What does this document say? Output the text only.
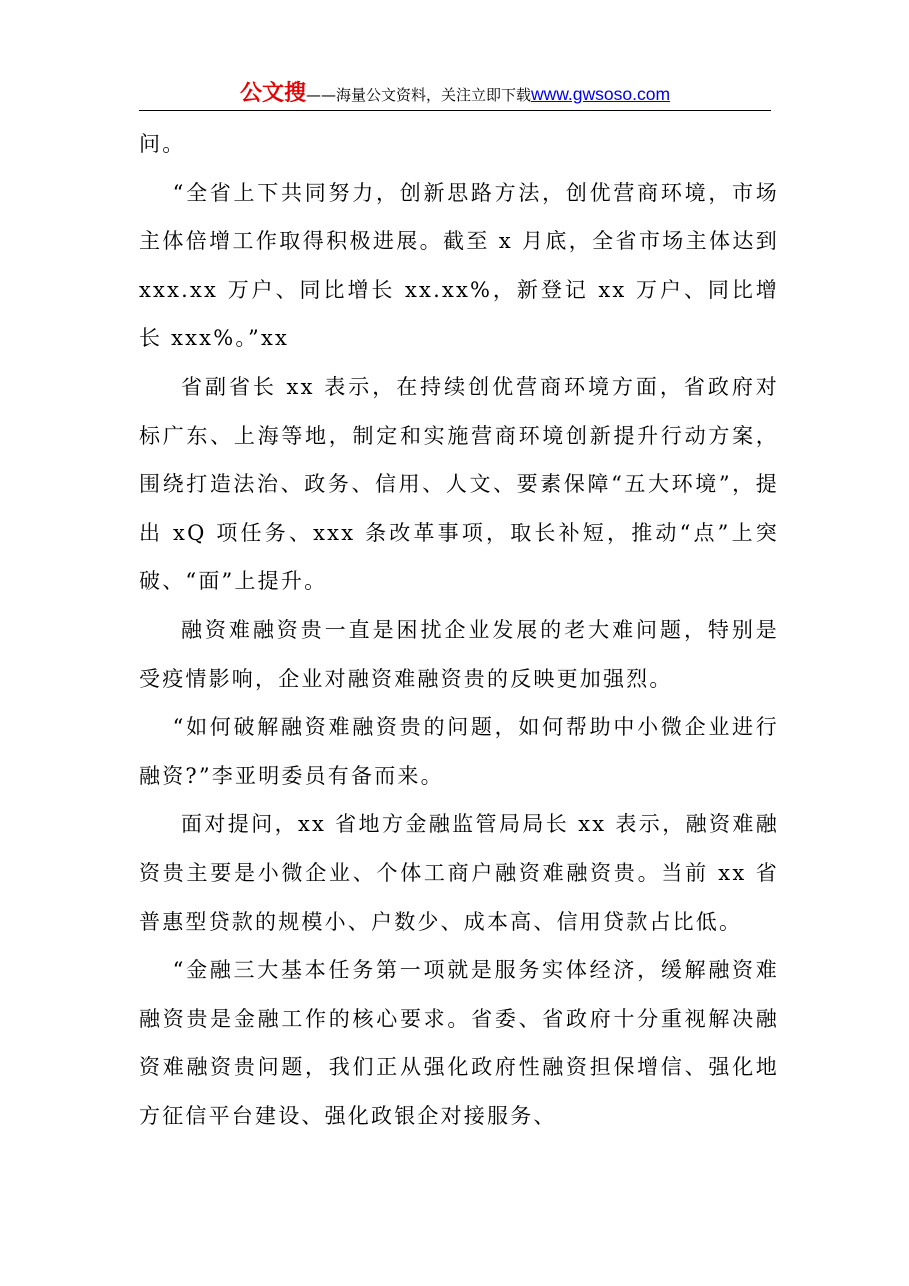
公文搜——海量公文资料，关注立即下载www.gwsoso.com

问。

“全省上下共同努力，创新思路方法，创优营商环境，市场主体倍增工作取得积极进展。截至 x 月底，全省市场主体达到 xxx.xx 万户、同比增长 xx.xx%，新登记 xx 万户、同比增长 xxx%。”xx

省副省长 xx 表示，在持续创优营商环境方面，省政府对标广东、上海等地，制定和实施营商环境创新提升行动方案，围绕打造法治、政务、信用、人文、要素保障“五大环境”，提出 xQ 项任务、xxx 条改革事项，取长补短，推动“点”上突破、“面”上提升。

融资难融资贵一直是困扰企业发展的老大难问题，特别是受疫情影响，企业对融资难融资贵的反映更加强烈。

“如何破解融资难融资贵的问题，如何帮助中小微企业进行融资?”李亚明委员有备而来。

面对提问，xx 省地方金融监管局局长 xx 表示，融资难融资贵主要是小微企业、个体工商户融资难融资贵。当前 xx 省普惠型贷款的规模小、户数少、成本高、信用贷款占比低。

“金融三大基本任务第一项就是服务实体经济，缓解融资难融资贵是金融工作的核心要求。省委、省政府十分重视解决融资难融资贵问题，我们正从强化政府性融资担保增信、强化地方征信平台建设、强化政银企对接服务、
